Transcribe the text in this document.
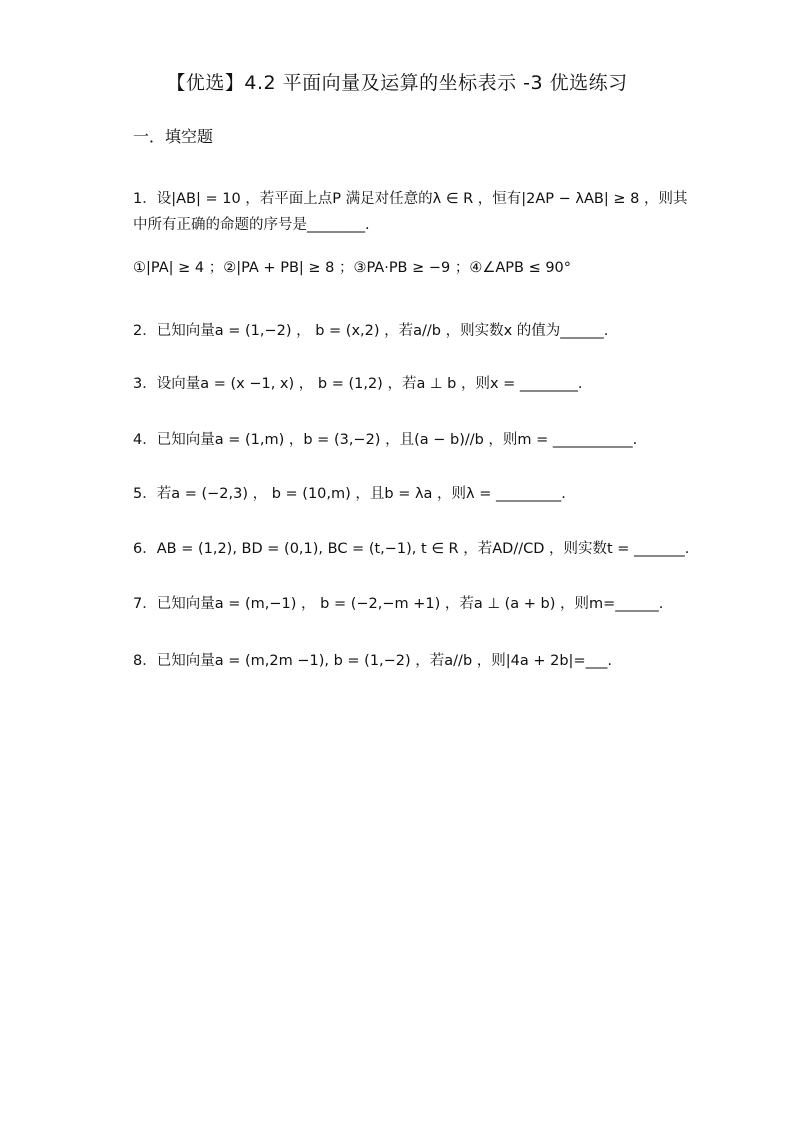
【优选】4.2 平面向量及运算的坐标表示 -3 优选练习
一．填空题
1．设|AB| = 10 ，若平面上点P 满足对任意的λ ∈ R ，恒有|2AP − λAB| ≥ 8 ，则其
中所有正确的命题的序号是________.
①|PA| ≥ 4 ；②|PA + PB| ≥ 8 ；③PA·PB ≥ −9 ；④∠APB ≤ 90°
2．已知向量a = (1,−2) ， b = (x,2) ，若a//b ，则实数x 的值为______.
3．设向量a = (x −1, x) ， b = (1,2) ，若a ⊥ b ，则x = ________.
4．已知向量a = (1,m) ，b = (3,−2) ，且(a − b)//b ，则m = ___________.
5．若a = (−2,3) ， b = (10,m) ，且b = λa ，则λ = _________.
6．AB = (1,2), BD = (0,1), BC = (t,−1), t ∈ R ，若AD//CD ，则实数t = _______.
7．已知向量a = (m,−1) ， b = (−2,−m +1) ，若a ⊥ (a + b) ，则m=______.
8．已知向量a = (m,2m −1), b = (1,−2) ，若a//b ，则|4a + 2b|=___.
